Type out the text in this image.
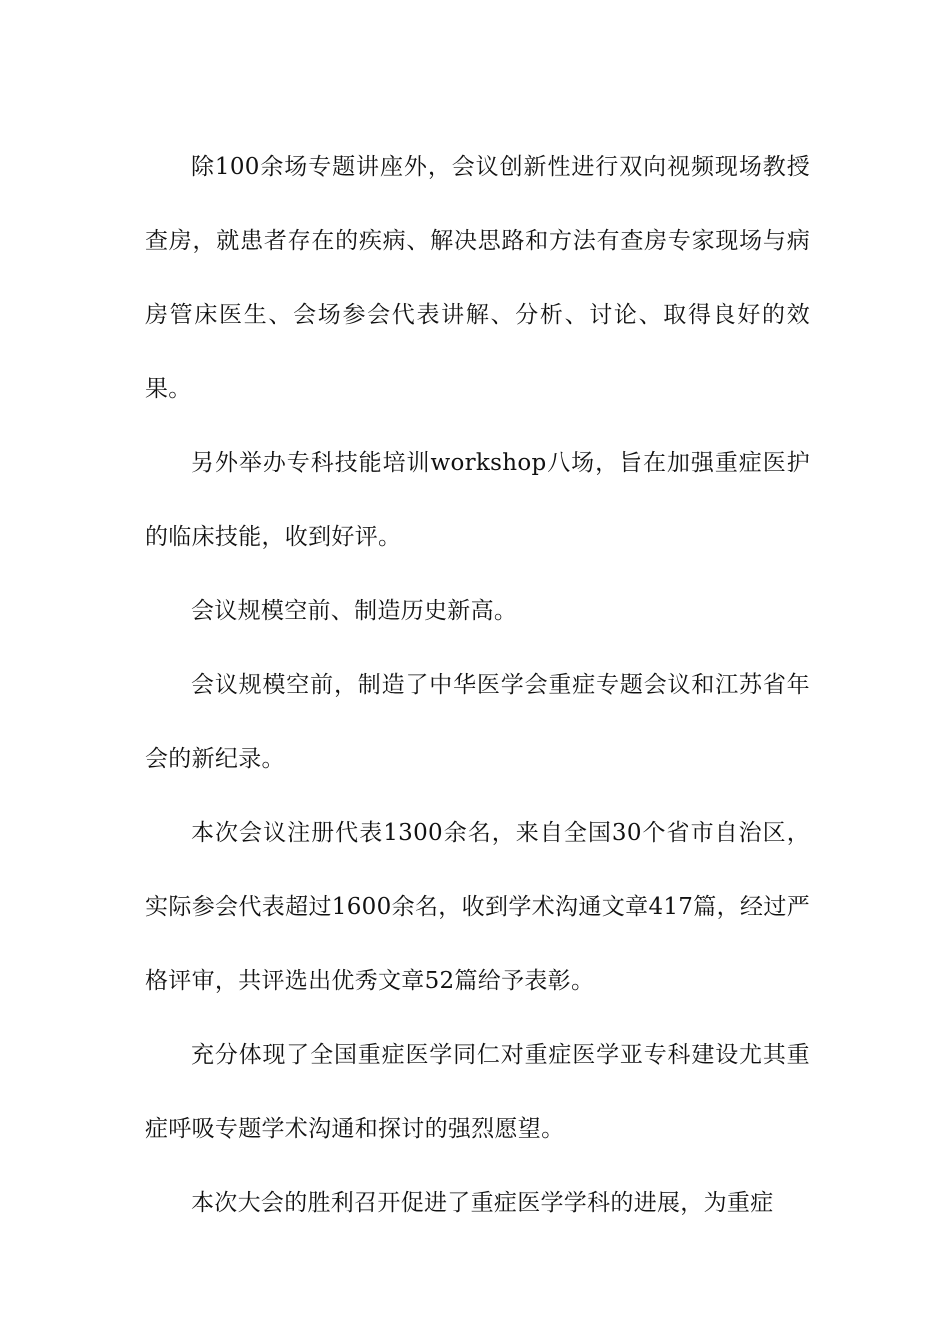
除100余场专题讲座外，会议创新性进行双向视频现场教授查房，就患者存在的疾病、解决思路和方法有查房专家现场与病房管床医生、会场参会代表讲解、分析、讨论、取得良好的效果。

另外举办专科技能培训workshop八场，旨在加强重症医护的临床技能，收到好评。

会议规模空前、制造历史新高。

会议规模空前，制造了中华医学会重症专题会议和江苏省年会的新纪录。

本次会议注册代表1300余名，来自全国30个省市自治区，实际参会代表超过1600余名，收到学术沟通文章417篇，经过严格评审，共评选出优秀文章52篇给予表彰。

充分体现了全国重症医学同仁对重症医学亚专科建设尤其重症呼吸专题学术沟通和探讨的强烈愿望。

本次大会的胜利召开促进了重症医学学科的进展，为重症
